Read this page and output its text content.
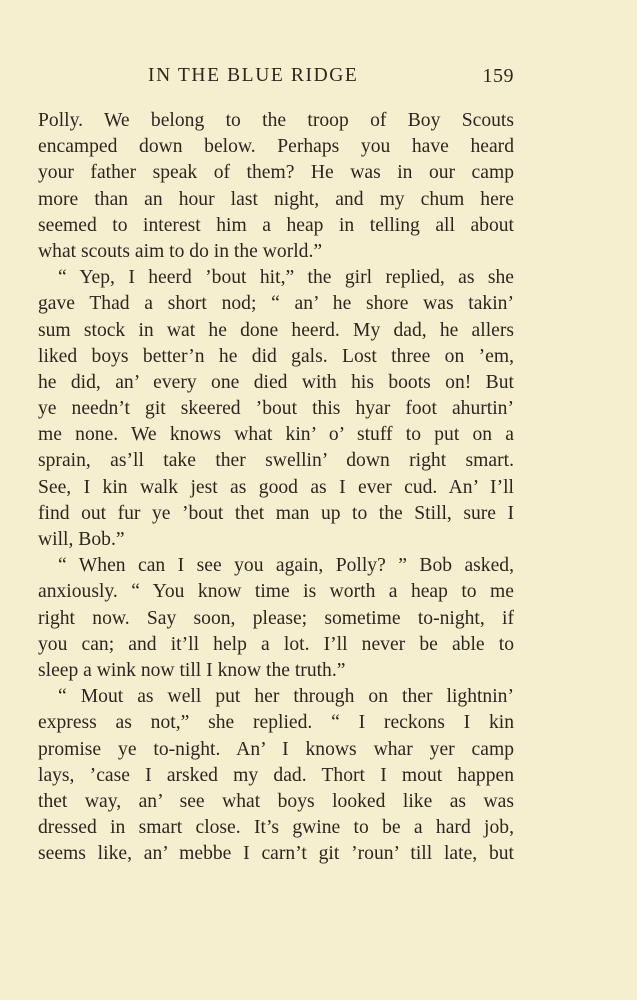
IN THE BLUE RIDGE	159
Polly. We belong to the troop of Boy Scouts
encamped down below. Perhaps you have heard
your father speak of them? He was in our camp
more than an hour last night, and my chum here
seemed to interest him a heap in telling all about
what scouts aim to do in the world.”
“ Yep, I heerd ’bout hit,” the girl replied, as she
gave Thad a short nod; “ an’ he shore was takin’
sum stock in wat he done heerd. My dad, he allers
liked boys better’n he did gals. Lost three on ’em,
he did, an’ every one died with his boots on! But
ye needn’t git skeered ’bout this hyar foot ahurtin’
me none. We knows what kin’ o’ stuff to put on a
sprain, as’ll take ther swellin’ down right smart.
See, I kin walk jest as good as I ever cud. An’ I’ll
find out fur ye ’bout thet man up to the Still, sure I
will, Bob.”
“ When can I see you again, Polly? ” Bob asked,
anxiously. “ You know time is worth a heap to me
right now. Say soon, please; sometime to-night, if
you can; and it’ll help a lot. I’ll never be able to
sleep a wink now till I know the truth.”
“ Mout as well put her through on ther lightnin’
express as not,” she replied. “ I reckons I kin
promise ye to-night. An’ I knows whar yer camp
lays, ’case I arsked my dad. Thort I mout happen
thet way, an’ see what boys looked like as was
dressed in smart close. It’s gwine to be a hard job,
seems like, an’ mebbe I carn’t git ’roun’ till late, but
